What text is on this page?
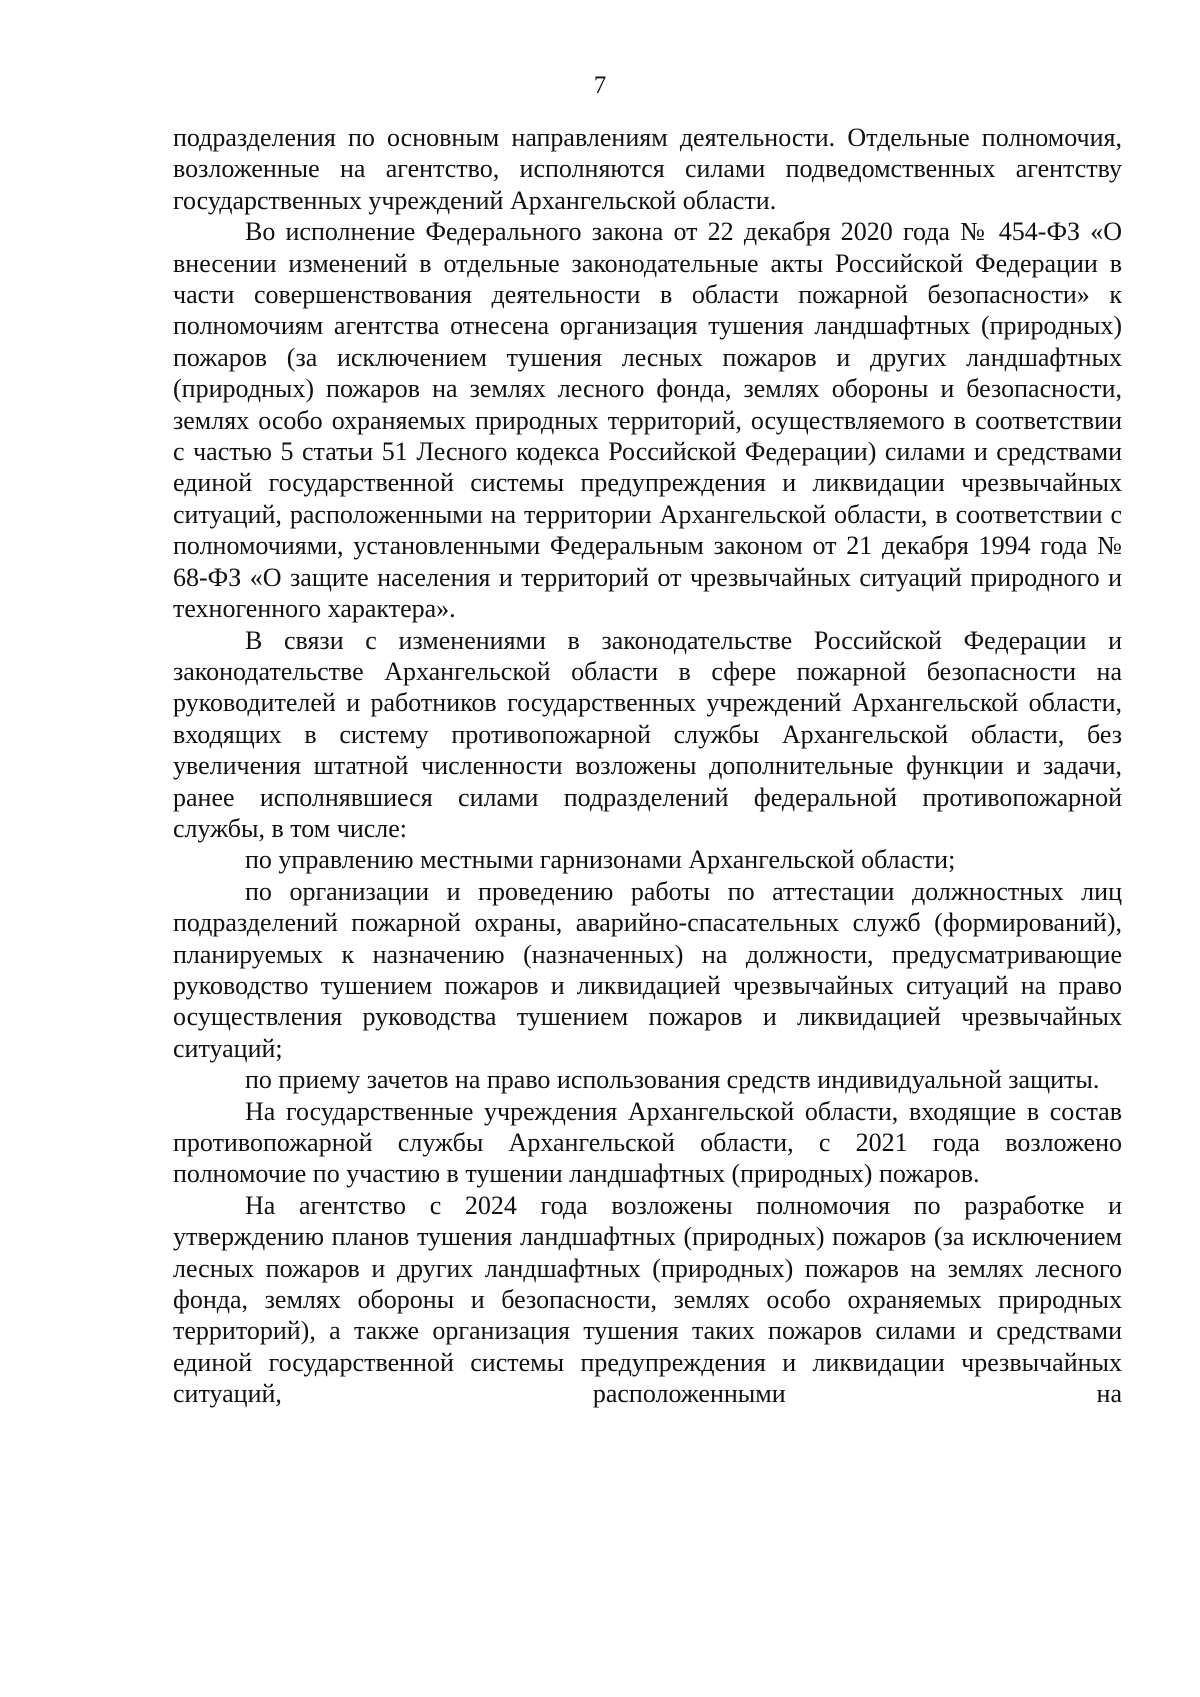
7

подразделения по основным направлениям деятельности. Отдельные полномочия, возложенные на агентство, исполняются силами подведомственных агентству государственных учреждений Архангельской области.

Во исполнение Федерального закона от 22 декабря 2020 года № 454-ФЗ «О внесении изменений в отдельные законодательные акты Российской Федерации в части совершенствования деятельности в области пожарной безопасности» к полномочиям агентства отнесена организация тушения ландшафтных (природных) пожаров (за исключением тушения лесных пожаров и других ландшафтных (природных) пожаров на землях лесного фонда, землях обороны и безопасности, землях особо охраняемых природных территорий, осуществляемого в соответствии с частью 5 статьи 51 Лесного кодекса Российской Федерации) силами и средствами единой государственной системы предупреждения и ликвидации чрезвычайных ситуаций, расположенными на территории Архангельской области, в соответствии с полномочиями, установленными Федеральным законом от 21 декабря 1994 года № 68-ФЗ «О защите населения и территорий от чрезвычайных ситуаций природного и техногенного характера».

В связи с изменениями в законодательстве Российской Федерации и законодательстве Архангельской области в сфере пожарной безопасности на руководителей и работников государственных учреждений Архангельской области, входящих в систему противопожарной службы Архангельской области, без увеличения штатной численности возложены дополнительные функции и задачи, ранее исполнявшиеся силами подразделений федеральной противопожарной службы, в том числе:

по управлению местными гарнизонами Архангельской области;

по организации и проведению работы по аттестации должностных лиц подразделений пожарной охраны, аварийно-спасательных служб (формирований), планируемых к назначению (назначенных) на должности, предусматривающие руководство тушением пожаров и ликвидацией чрезвычайных ситуаций на право осуществления руководства тушением пожаров и ликвидацией чрезвычайных ситуаций;

по приему зачетов на право использования средств индивидуальной защиты.

На государственные учреждения Архангельской области, входящие в состав противопожарной службы Архангельской области, с 2021 года возложено полномочие по участию в тушении ландшафтных (природных) пожаров.

На агентство с 2024 года возложены полномочия по разработке и утверждению планов тушения ландшафтных (природных) пожаров (за исключением лесных пожаров и других ландшафтных (природных) пожаров на землях лесного фонда, землях обороны и безопасности, землях особо охраняемых природных территорий), а также организация тушения таких пожаров силами и средствами единой государственной системы предупреждения и ликвидации чрезвычайных ситуаций, расположенными на
